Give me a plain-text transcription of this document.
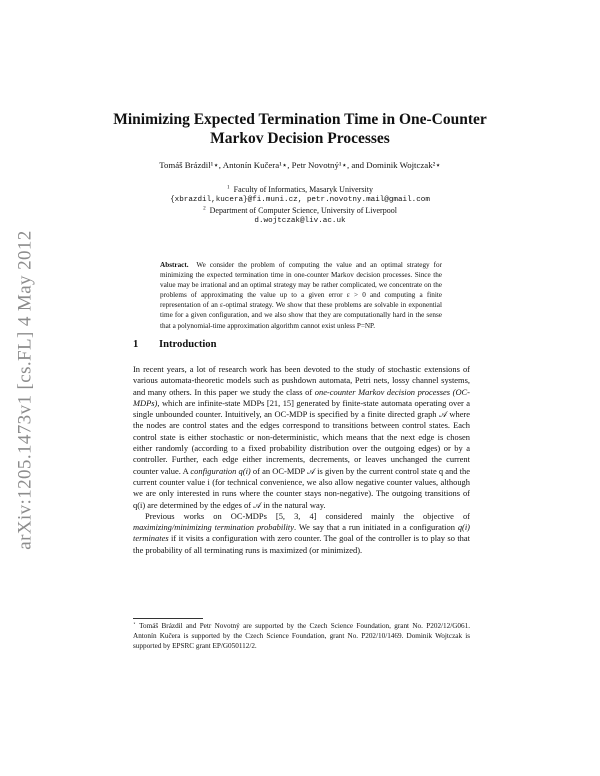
arXiv:1205.1473v1 [cs.FL] 4 May 2012
Minimizing Expected Termination Time in One-Counter Markov Decision Processes
Tomáš Brázdil¹⋆, Antonín Kučera¹⋆, Petr Novotný¹⋆, and Dominik Wojtczak²⋆
$^1$ Faculty of Informatics, Masaryk University
{xbrazdil,kucera}@fi.muni.cz, petr.novotny.mail@gmail.com
$^2$ Department of Computer Science, University of Liverpool
d.wojtczak@liv.ac.uk
Abstract. We consider the problem of computing the value and an optimal strategy for minimizing the expected termination time in one-counter Markov decision processes. Since the value may be irrational and an optimal strategy may be rather complicated, we concentrate on the problems of approximating the value up to a given error ε > 0 and computing a finite representation of an ε-optimal strategy. We show that these problems are solvable in exponential time for a given configuration, and we also show that they are computationally hard in the sense that a polynomial-time approximation algorithm cannot exist unless P=NP.
1 Introduction

In recent years, a lot of research work has been devoted to the study of stochastic extensions of various automata-theoretic models such as pushdown automata, Petri nets, lossy channel systems, and many others. In this paper we study the class of one-counter Markov decision processes (OC-MDPs), which are infinite-state MDPs [21, 15] generated by finite-state automata operating over a single unbounded counter. Intuitively, an OC-MDP is specified by a finite directed graph 𝒜 where the nodes are control states and the edges correspond to transitions between control states. Each control state is either stochastic or non-deterministic, which means that the next edge is chosen either randomly (according to a fixed probability distribution over the outgoing edges) or by a controller. Further, each edge either increments, decrements, or leaves unchanged the current counter value. A configuration q(i) of an OC-MDP 𝒜 is given by the current control state q and the current counter value i (for technical convenience, we also allow negative counter values, although we are only interested in runs where the counter stays non-negative). The outgoing transitions of q(i) are determined by the edges of 𝒜 in the natural way.

Previous works on OC-MDPs [5, 3, 4] considered mainly the objective of maximizing/minimizing termination probability. We say that a run initiated in a configuration q(i) terminates if it visits a configuration with zero counter. The goal of the controller is to play so that the probability of all terminating runs is maximized (or minimized).

⋆ Tomáš Brázdil and Petr Novotný are supported by the Czech Science Foundation, grant No. P202/12/G061. Antonín Kučera is supported by the Czech Science Foundation, grant No. P202/10/1469. Dominik Wojtczak is supported by EPSRC grant EP/G050112/2.
